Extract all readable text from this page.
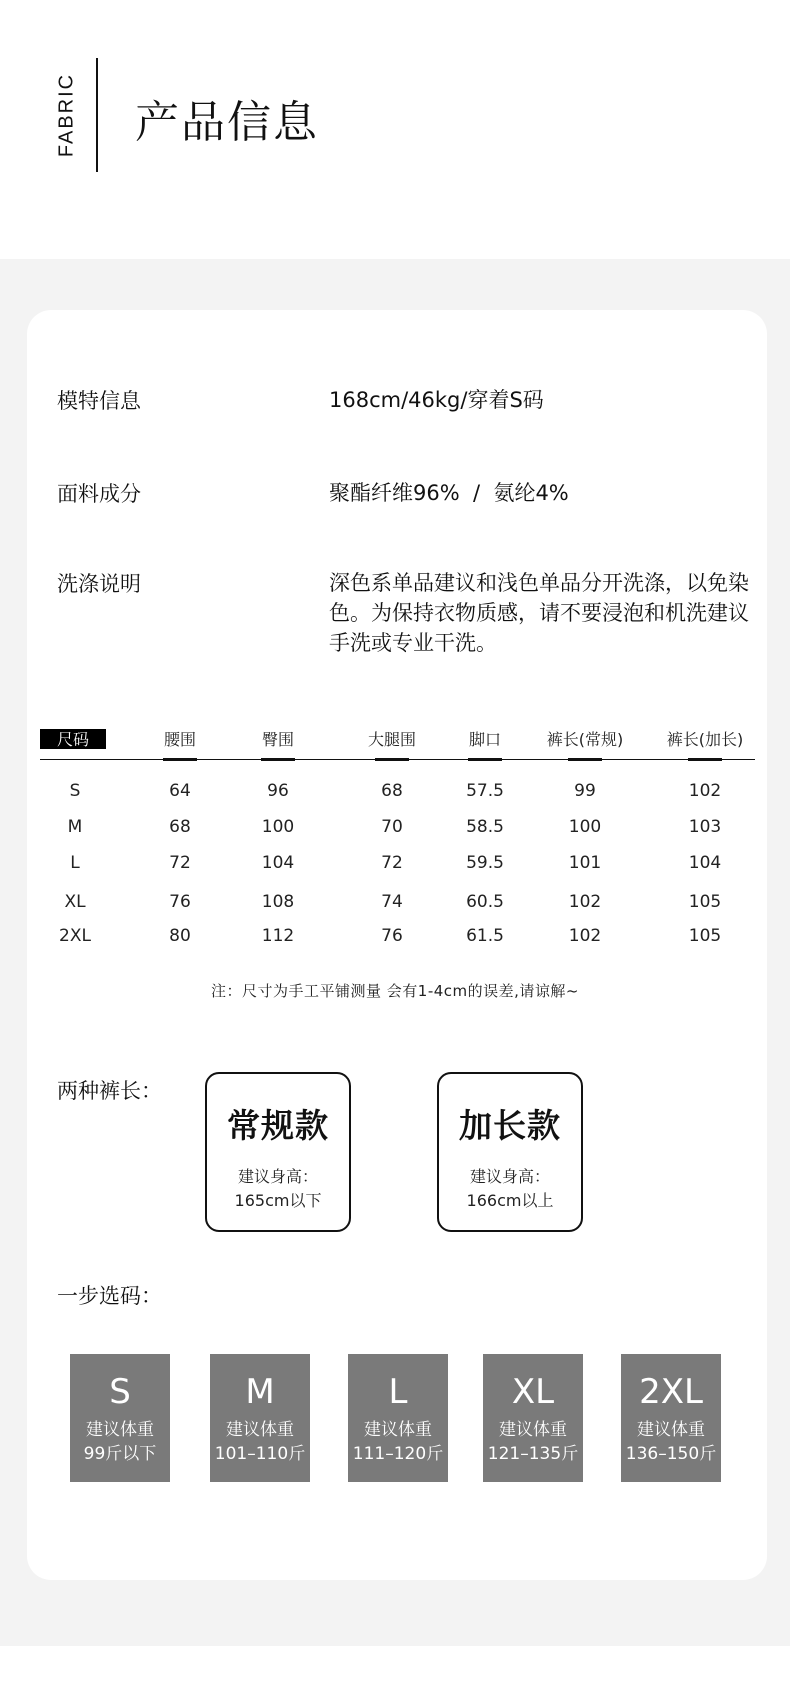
FABRIC 产品信息
模特信息	168cm/46kg/穿着S码
面料成分	聚酯纤维96%  /  氨纶4%
洗涤说明	深色系单品建议和浅色单品分开洗涤，以免染色。为保持衣物质感，请不要浸泡和机洗建议手洗或专业干洗。
尺码	腰围	臀围	大腿围	脚口	裤长(常规)	裤长(加长)
S	64	96	68	57.5	99	102
M	68	100	70	58.5	100	103
L	72	104	72	59.5	101	104
XL	76	108	74	60.5	102	105
2XL	80	112	76	61.5	102	105
注：尺寸为手工平铺测量 会有1-4cm的误差,请谅解~
两种裤长：
常规款
建议身高：
165cm以下
加长款
建议身高：
166cm以上
一步选码：
S
建议体重
99斤以下
M
建议体重
101–110斤
L
建议体重
111–120斤
XL
建议体重
121–135斤
2XL
建议体重
136–150斤
